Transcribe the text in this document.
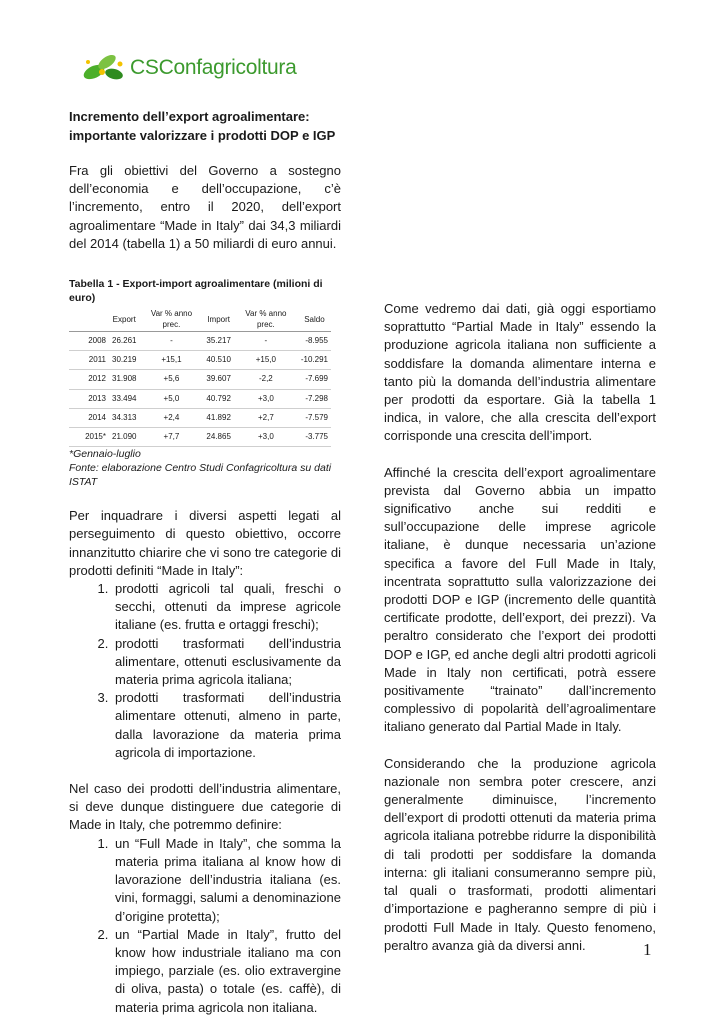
CSConfagricoltura

Incremento dell’export agroalimentare: importante valorizzare i prodotti DOP e IGP

Fra gli obiettivi del Governo a sostegno dell’economia e dell’occupazione, c’è l’incremento, entro il 2020, dell’export agroalimentare “Made in Italy” dai 34,3 miliardi del 2014 (tabella 1) a 50 miliardi di euro annui.

Tabella 1 - Export-import agroalimentare (milioni di euro)

	Export	Var % anno prec.	Import	Var % anno prec.	Saldo
2008	26.261	-	35.217	-	-8.955
2011	30.219	+15,1	40.510	+15,0	-10.291
2012	31.908	+5,6	39.607	-2,2	-7.699
2013	33.494	+5,0	40.792	+3,0	-7.298
2014	34.313	+2,4	41.892	+2,7	-7.579
2015*	21.090	+7,7	24.865	+3,0	-3.775

*Gennaio-luglio

Fonte: elaborazione Centro Studi Confagricoltura su dati ISTAT

Per inquadrare i diversi aspetti legati al perseguimento di questo obiettivo, occorre innanzitutto chiarire che vi sono tre categorie di prodotti definiti “Made in Italy”:

1. prodotti agricoli tal quali, freschi o secchi, ottenuti da imprese agricole italiane (es. frutta e ortaggi freschi);
2. prodotti trasformati dell’industria alimentare, ottenuti esclusivamente da materia prima agricola italiana;
3. prodotti trasformati dell’industria alimentare ottenuti, almeno in parte, dalla lavorazione da materia prima agricola di importazione.

Nel caso dei prodotti dell’industria alimentare, si deve dunque distinguere due categorie di Made in Italy, che potremmo definire:

1. un “Full Made in Italy”, che somma la materia prima italiana al know how di lavorazione dell’industria italiana (es. vini, formaggi, salumi a denominazione d’origine protetta);
2. un “Partial Made in Italy”, frutto del know how industriale italiano ma con impiego, parziale (es. olio extravergine di oliva, pasta) o totale (es. caffè), di materia prima agricola non italiana.

Come vedremo dai dati, già oggi esportiamo soprattutto “Partial Made in Italy” essendo la produzione agricola italiana non sufficiente a soddisfare la domanda alimentare interna e tanto più la domanda dell’industria alimentare per prodotti da esportare. Già la tabella 1 indica, in valore, che alla crescita dell’export corrisponde una crescita dell’import.

Affinché la crescita dell’export agroalimentare prevista dal Governo abbia un impatto significativo anche sui redditi e sull’occupazione delle imprese agricole italiane, è dunque necessaria un’azione specifica a favore del Full Made in Italy, incentrata soprattutto sulla valorizzazione dei prodotti DOP e IGP (incremento delle quantità certificate prodotte, dell’export, dei prezzi). Va peraltro considerato che l’export dei prodotti DOP e IGP, ed anche degli altri prodotti agricoli Made in Italy non certificati, potrà essere positivamente “trainato” dall’incremento complessivo di popolarità dell’agroalimentare italiano generato dal Partial Made in Italy.

Considerando che la produzione agricola nazionale non sembra poter crescere, anzi generalmente diminuisce, l’incremento dell’export di prodotti ottenuti da materia prima agricola italiana potrebbe ridurre la disponibilità di tali prodotti per soddisfare la domanda interna: gli italiani consumeranno sempre più, tal quali o trasformati, prodotti alimentari d’importazione e pagheranno sempre di più i prodotti Full Made in Italy. Questo fenomeno, peraltro avanza già da diversi anni.	1
